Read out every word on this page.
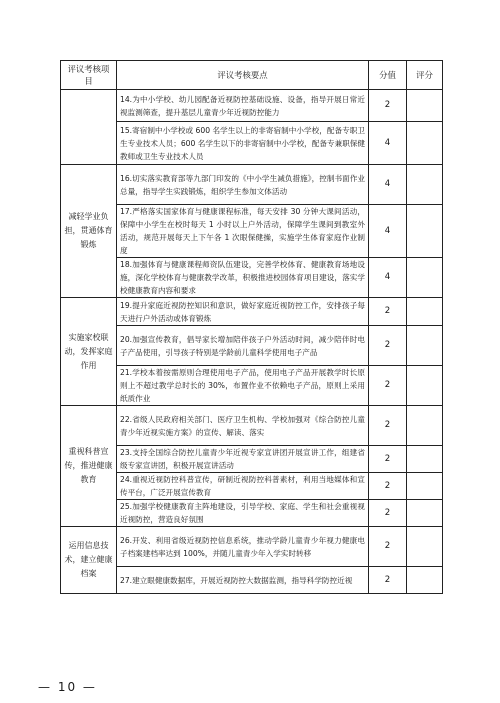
评议考核项目	评议考核要点	分值	评分
	14.为中小学校、幼儿园配备近视防控基础设施、设备，指导开展日常近视监测筛查，提升基层儿童青少年近视防控能力	2	
	15.寄宿制中小学校或 600 名学生以上的非寄宿制中小学校，配备专职卫生专业技术人员；600 名学生以下的非寄宿制中小学校，配备专兼职保健教师或卫生专业技术人员	4	
减轻学业负担，贯通体育锻炼	16.切实落实教育部等九部门印发的《中小学生减负措施》，控制书面作业总量，指导学生实践锻炼，组织学生参加文体活动	4	
	17.严格落实国家体育与健康课程标准，每天安排 30 分钟大课间活动，保障中小学生在校时每天 1 小时以上户外活动，保障学生课间到教室外活动，规范开展每天上下午各 1 次眼保健操，实施学生体育家庭作业制度	4	
	18.加强体育与健康课程师资队伍建设，完善学校体育、健康教育场地设施，深化学校体育与健康教学改革，积极推进校园体育项目建设，落实学校健康教育内容和要求	4	
实施家校联动，发挥家庭作用	19.提升家庭近视防控知识和意识，做好家庭近视防控工作，安排孩子每天进行户外活动或体育锻炼	2	
	20.加强宣传教育，倡导家长增加陪伴孩子户外活动时间，减少陪伴时电子产品使用，引导孩子特别是学龄前儿童科学使用电子产品	2	
	21.学校本着按需原则合理使用电子产品，使用电子产品开展教学时长原则上不超过教学总时长的 30%，布置作业不依赖电子产品，原则上采用纸质作业	2	
重视科普宣传，推进健康教育	22.省级人民政府相关部门、医疗卫生机构、学校加强对《综合防控儿童青少年近视实施方案》的宣传、解读、落实	2	
	23.支持全国综合防控儿童青少年近视专家宣讲团开展宣讲工作，组建省级专家宣讲团，积极开展宣讲活动	2	
	24.重视近视防控科普宣传，研制近视防控科普素材，利用当地媒体和宣传平台，广泛开展宣传教育	2	
	25.加强学校健康教育主阵地建设，引导学校、家庭、学生和社会重视视近视防控，营造良好氛围	2	
运用信息技术，建立健康档案	26.开发、利用省级近视防控信息系统，推动学龄儿童青少年视力健康电子档案建档率达到 100%，并随儿童青少年入学实时转移	2	
	27.建立眼健康数据库，开展近视防控大数据监测，指导科学防控近视	2	
— 10 —
